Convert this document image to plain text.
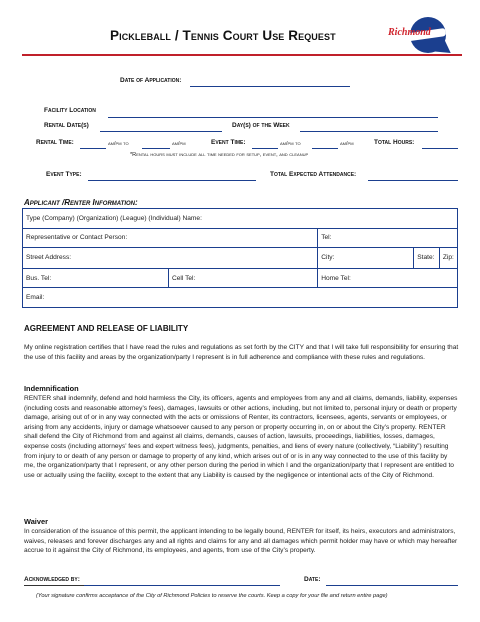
Pickleball / Tennis Court Use Request	Richmond
Date of Application:
Facility Location
Rental Date(s)	Day(s) of the Week
Rental Time:	am/pm to	am/pm	Event Time:	am/pm to	am/pm	Total Hours:
*Rental hours must include all time needed for setup, event, and cleanup
Event Type:	Total Expected Attendance:
Applicant /Renter Information:
Type (Company) (Organization) (League) (Individual) Name:			
Representative or Contact Person:		Tel:	
Street Address:		City:	State: Zip:

Bus. Tel:	Cell Tel:	Home Tel:	
Email:			
AGREEMENT AND RELEASE OF LIABILITY
My online registration certifies that I have read the rules and regulations as set forth by the CITY and that I will take full responsibility for ensuring that the use of this facility and areas by the organization/party I represent is in full adherence and compliance with these rules and regulations.
Indemnification
RENTER shall indemnify, defend and hold harmless the City, its officers, agents and employees from any and all claims, demands, liability, expenses (including costs and reasonable attorney’s fees), damages, lawsuits or other actions, including, but not limited to, personal injury or death or property damage, arising out of or in any way connected with the acts or omissions of Renter, its contractors, licensees, agents, servants or employees, or arising from any accidents, injury or damage whatsoever caused to any person or property occurring in, on or about the City’s property. RENTER shall defend the City of Richmond from and against all claims, demands, causes of action, lawsuits, proceedings, liabilities, losses, damages, expense costs (including attorneys’ fees and expert witness fees), judgments, penalties, and liens of every nature (collectively, “Liability”) resulting from injury to or death of any person or damage to property of any kind, which arises out of or is in any way connected to the use of this facility by me, the organization/party that I represent, or any other person during the period in which I and the organization/party that I represent are entitled to use or actually using the facility, except to the extent that any Liability is caused by the negligence or intentional acts of the City of Richmond.
Waiver
In consideration of the issuance of this permit, the applicant intending to be legally bound, RENTER for itself, its heirs, executors and administrators, waives, releases and forever discharges any and all rights and claims for any and all damages which permit holder may have or which may hereafter accrue to it against the City of Richmond, its employees, and agents, from use of the City’s property.
Acknowledged by:	Date:
(Your signature confirms acceptance of the City of Richmond Policies to reserve the courts. Keep a copy for your file and return entire page)
